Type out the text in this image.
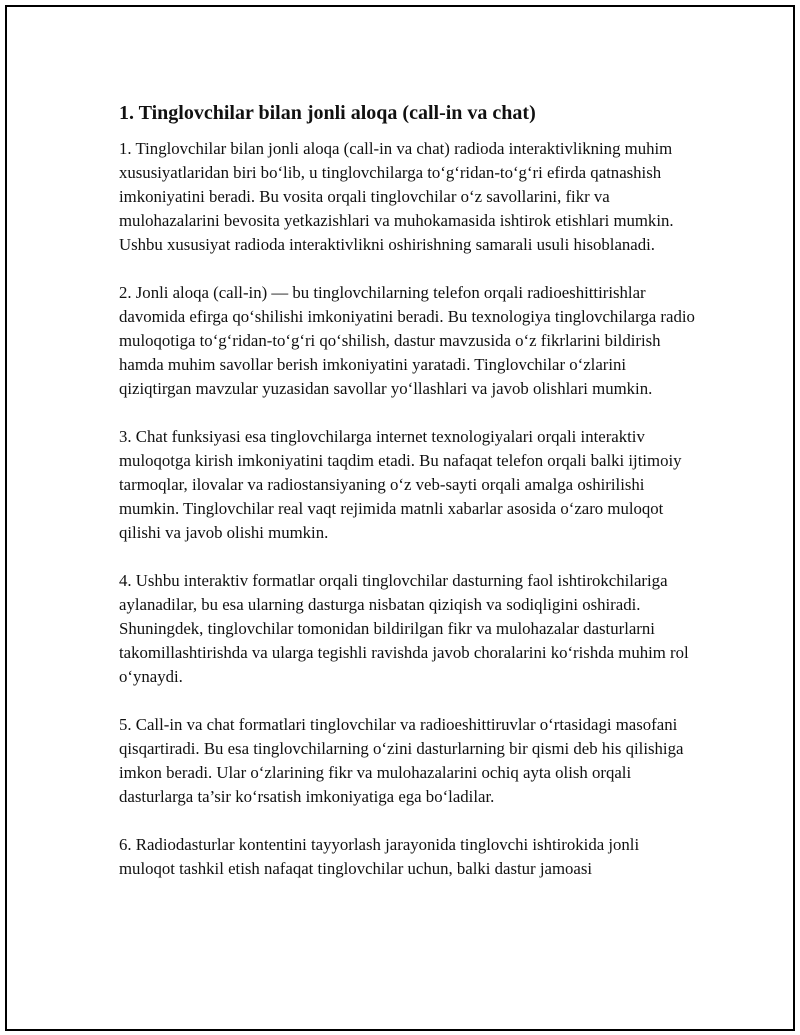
1. Tinglovchilar bilan jonli aloqa (call-in va chat)

1. Tinglovchilar bilan jonli aloqa (call-in va chat) radioda interaktivlikning muhim xususiyatlaridan biri bo‘lib, u tinglovchilarga to‘g‘ridan-to‘g‘ri efirda qatnashish imkoniyatini beradi. Bu vosita orqali tinglovchilar o‘z savollarini, fikr va mulohazalarini bevosita yetkazishlari va muhokamasida ishtirok etishlari mumkin. Ushbu xususiyat radioda interaktivlikni oshirishning samarali usuli hisoblanadi.

2. Jonli aloqa (call-in) — bu tinglovchilarning telefon orqali radioeshittirishlar davomida efirga qo‘shilishi imkoniyatini beradi. Bu texnologiya tinglovchilarga radio muloqotiga to‘g‘ridan-to‘g‘ri qo‘shilish, dastur mavzusida o‘z fikrlarini bildirish hamda muhim savollar berish imkoniyatini yaratadi. Tinglovchilar o‘zlarini qiziqtirgan mavzular yuzasidan savollar yo‘llashlari va javob olishlari mumkin.

3. Chat funksiyasi esa tinglovchilarga internet texnologiyalari orqali interaktiv muloqotga kirish imkoniyatini taqdim etadi. Bu nafaqat telefon orqali balki ijtimoiy tarmoqlar, ilovalar va radiostansiyaning o‘z veb-sayti orqali amalga oshirilishi mumkin. Tinglovchilar real vaqt rejimida matnli xabarlar asosida o‘zaro muloqot qilishi va javob olishi mumkin.

4. Ushbu interaktiv formatlar orqali tinglovchilar dasturning faol ishtirokchilariga aylanadilar, bu esa ularning dasturga nisbatan qiziqish va sodiqligini oshiradi. Shuningdek, tinglovchilar tomonidan bildirilgan fikr va mulohazalar dasturlarni takomillashtirishda va ularga tegishli ravishda javob choralarini ko‘rishda muhim rol o‘ynaydi.

5. Call-in va chat formatlari tinglovchilar va radioeshittiruvlar o‘rtasidagi masofani qisqartiradi. Bu esa tinglovchilarning o‘zini dasturlarning bir qismi deb his qilishiga imkon beradi. Ular o‘zlarining fikr va mulohazalarini ochiq ayta olish orqali dasturlarga ta’sir ko‘rsatish imkoniyatiga ega bo‘ladilar.

6. Radiodasturlar kontentini tayyorlash jarayonida tinglovchi ishtirokida jonli muloqot tashkil etish nafaqat tinglovchilar uchun, balki dastur jamoasi
